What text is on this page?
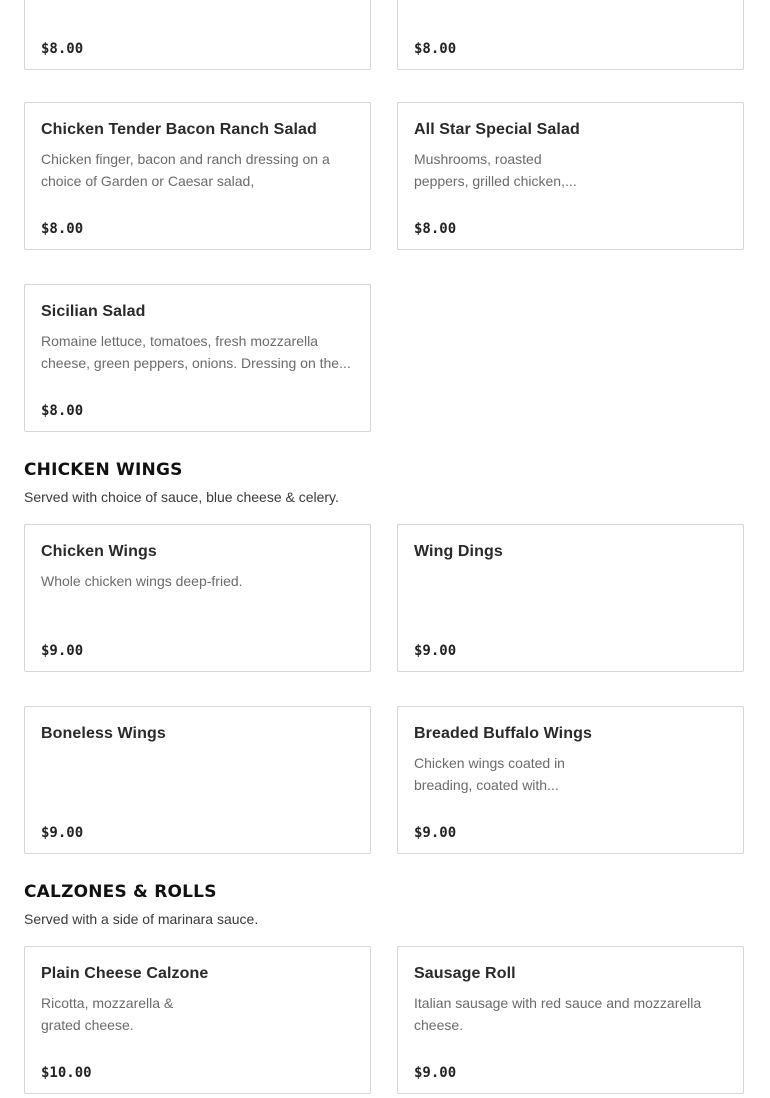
$8.00	$8.00
Chicken Tender Bacon Ranch Salad
Chicken finger, bacon and ranch dressing on a choice of Garden or Caesar salad,
$8.00
All Star Special Salad
Mushrooms, roasted peppers, grilled chicken,...
$8.00
Sicilian Salad
Romaine lettuce, tomatoes, fresh mozzarella cheese, green peppers, onions. Dressing on the...
$8.00
CHICKEN WINGS
Served with choice of sauce, blue cheese & celery.
Chicken Wings
Whole chicken wings deep-fried.
$9.00
Wing Dings
$9.00
Boneless Wings
$9.00
Breaded Buffalo Wings
Chicken wings coated in breading, coated with...
$9.00
CALZONES & ROLLS
Served with a side of marinara sauce.
Plain Cheese Calzone
Ricotta, mozzarella & grated cheese.
$10.00
Sausage Roll
Italian sausage with red sauce and mozzarella cheese.
$9.00
